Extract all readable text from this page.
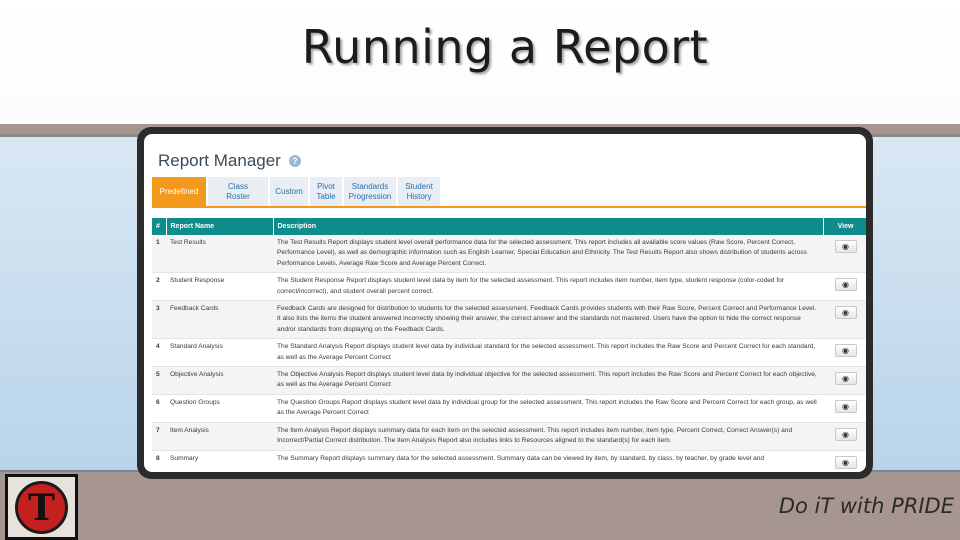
Running a Report
T	Do iT with PRIDE
Report Manager	?
Predefined
Class Roster
Custom
Pivot Table
Standards Progression
Student History
#	Report Name	Description	View
1	Test Results	The Test Results Report displays student level overall performance data for the selected assessment. This report includes all available score values (Raw Score, Percent Correct, Performance Level), as well as demographic information such as English Learner, Special Education and Ethnicity. The Test Results Report also shows distribution of students across Performance Levels, Average Raw Score and Average Percent Correct.	◉
2	Student Response	The Student Response Report displays student level data by item for the selected assessment. This report includes item number, item type, student response (color-coded for correct/incorrect), and student overall percent correct.	◉
3	Feedback Cards	Feedback Cards are designed for distribution to students for the selected assessment. Feedback Cards provides students with their Raw Score, Percent Correct and Performance Level. It also lists the items the student answered incorrectly showing their answer, the correct answer and the standards not mastered. Users have the option to hide the correct response and/or standards from displaying on the Feedback Cards.	◉
4	Standard Analysis	The Standard Analysis Report displays student level data by individual standard for the selected assessment. This report includes the Raw Score and Percent Correct for each standard, as well as the Average Percent Correct	◉
5	Objective Analysis	The Objective Analysis Report displays student level data by individual objective for the selected assessment. This report includes the Raw Score and Percent Correct for each objective, as well as the Average Percent Correct	◉
6	Question Groups	The Question Groups Report displays student level data by individual group for the selected assessment. This report includes the Raw Score and Percent Correct for each group, as well as the Average Percent Correct	◉
7	Item Analysis	The Item Analysis Report displays summary data for each item on the selected assessment. This report includes item number, item type, Percent Correct, Correct Answer(s) and Incorrect/Partial Correct distribution. The Item Analysis Report also includes links to Resources aligned to the standard(s) for each item.	◉
8	Summary	The Summary Report displays summary data for the selected assessment. Summary data can be viewed by item, by standard, by class, by teacher, by grade level and	◉
